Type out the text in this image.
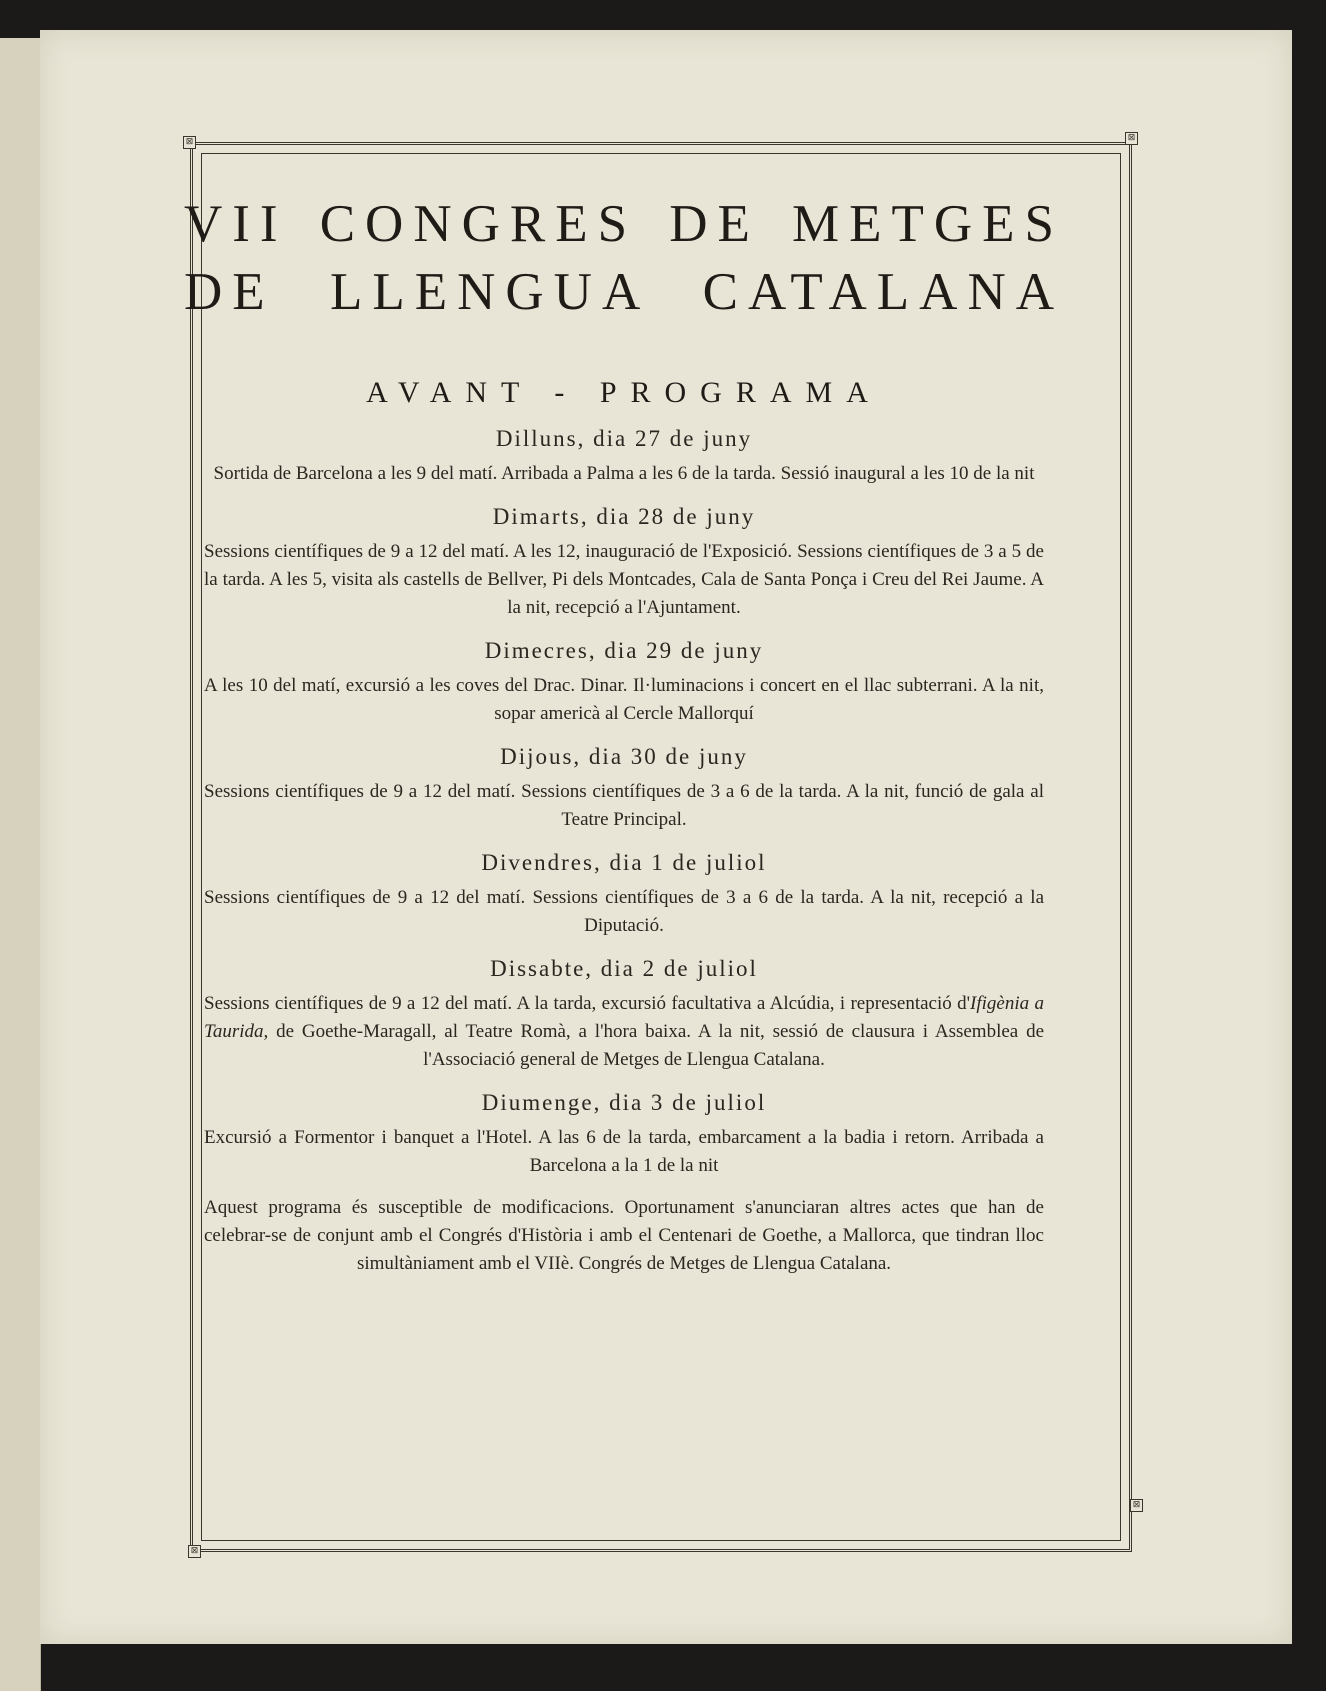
⊠	⊠
⊠
⊠
VII CONGRES DE METGES
DE LLENGUA CATALANA
AVANT - PROGRAMA
Dilluns, dia 27 de juny
Sortida de Barcelona a les 9 del matí. Arribada a Palma a les 6 de la tarda. Sessió inaugural a les 10 de la nit
Dimarts, dia 28 de juny
Sessions científiques de 9 a 12 del matí. A les 12, inauguració de l'Exposició. Sessions científiques de 3 a 5 de la tarda. A les 5, visita als castells de Bellver, Pi dels Montcades, Cala de Santa Ponça i Creu del Rei Jaume. A la nit, recepció a l'Ajuntament.
Dimecres, dia 29 de juny
A les 10 del matí, excursió a les coves del Drac. Dinar. Il·luminacions i concert en el llac subterrani. A la nit, sopar americà al Cercle Mallorquí
Dijous, dia 30 de juny
Sessions científiques de 9 a 12 del matí. Sessions científiques de 3 a 6 de la tarda. A la nit, funció de gala al Teatre Principal.
Divendres, dia 1 de juliol
Sessions científiques de 9 a 12 del matí. Sessions científiques de 3 a 6 de la tarda. A la nit, recepció a la Diputació.
Dissabte, dia 2 de juliol
Sessions científiques de 9 a 12 del matí. A la tarda, excursió facultativa a Alcúdia, i representació d'Ifigènia a Taurida, de Goethe-Maragall, al Teatre Romà, a l'hora baixa. A la nit, sessió de clausura i Assemblea de l'Associació general de Metges de Llengua Catalana.
Diumenge, dia 3 de juliol
Excursió a Formentor i banquet a l'Hotel. A las 6 de la tarda, embarcament a la badia i retorn. Arribada a Barcelona a la 1 de la nit
Aquest programa és susceptible de modificacions. Oportunament s'anunciaran altres actes que han de celebrar-se de conjunt amb el Congrés d'Història i amb el Centenari de Goethe, a Mallorca, que tindran lloc simultàniament amb el VIIè. Congrés de Metges de Llengua Catalana.
